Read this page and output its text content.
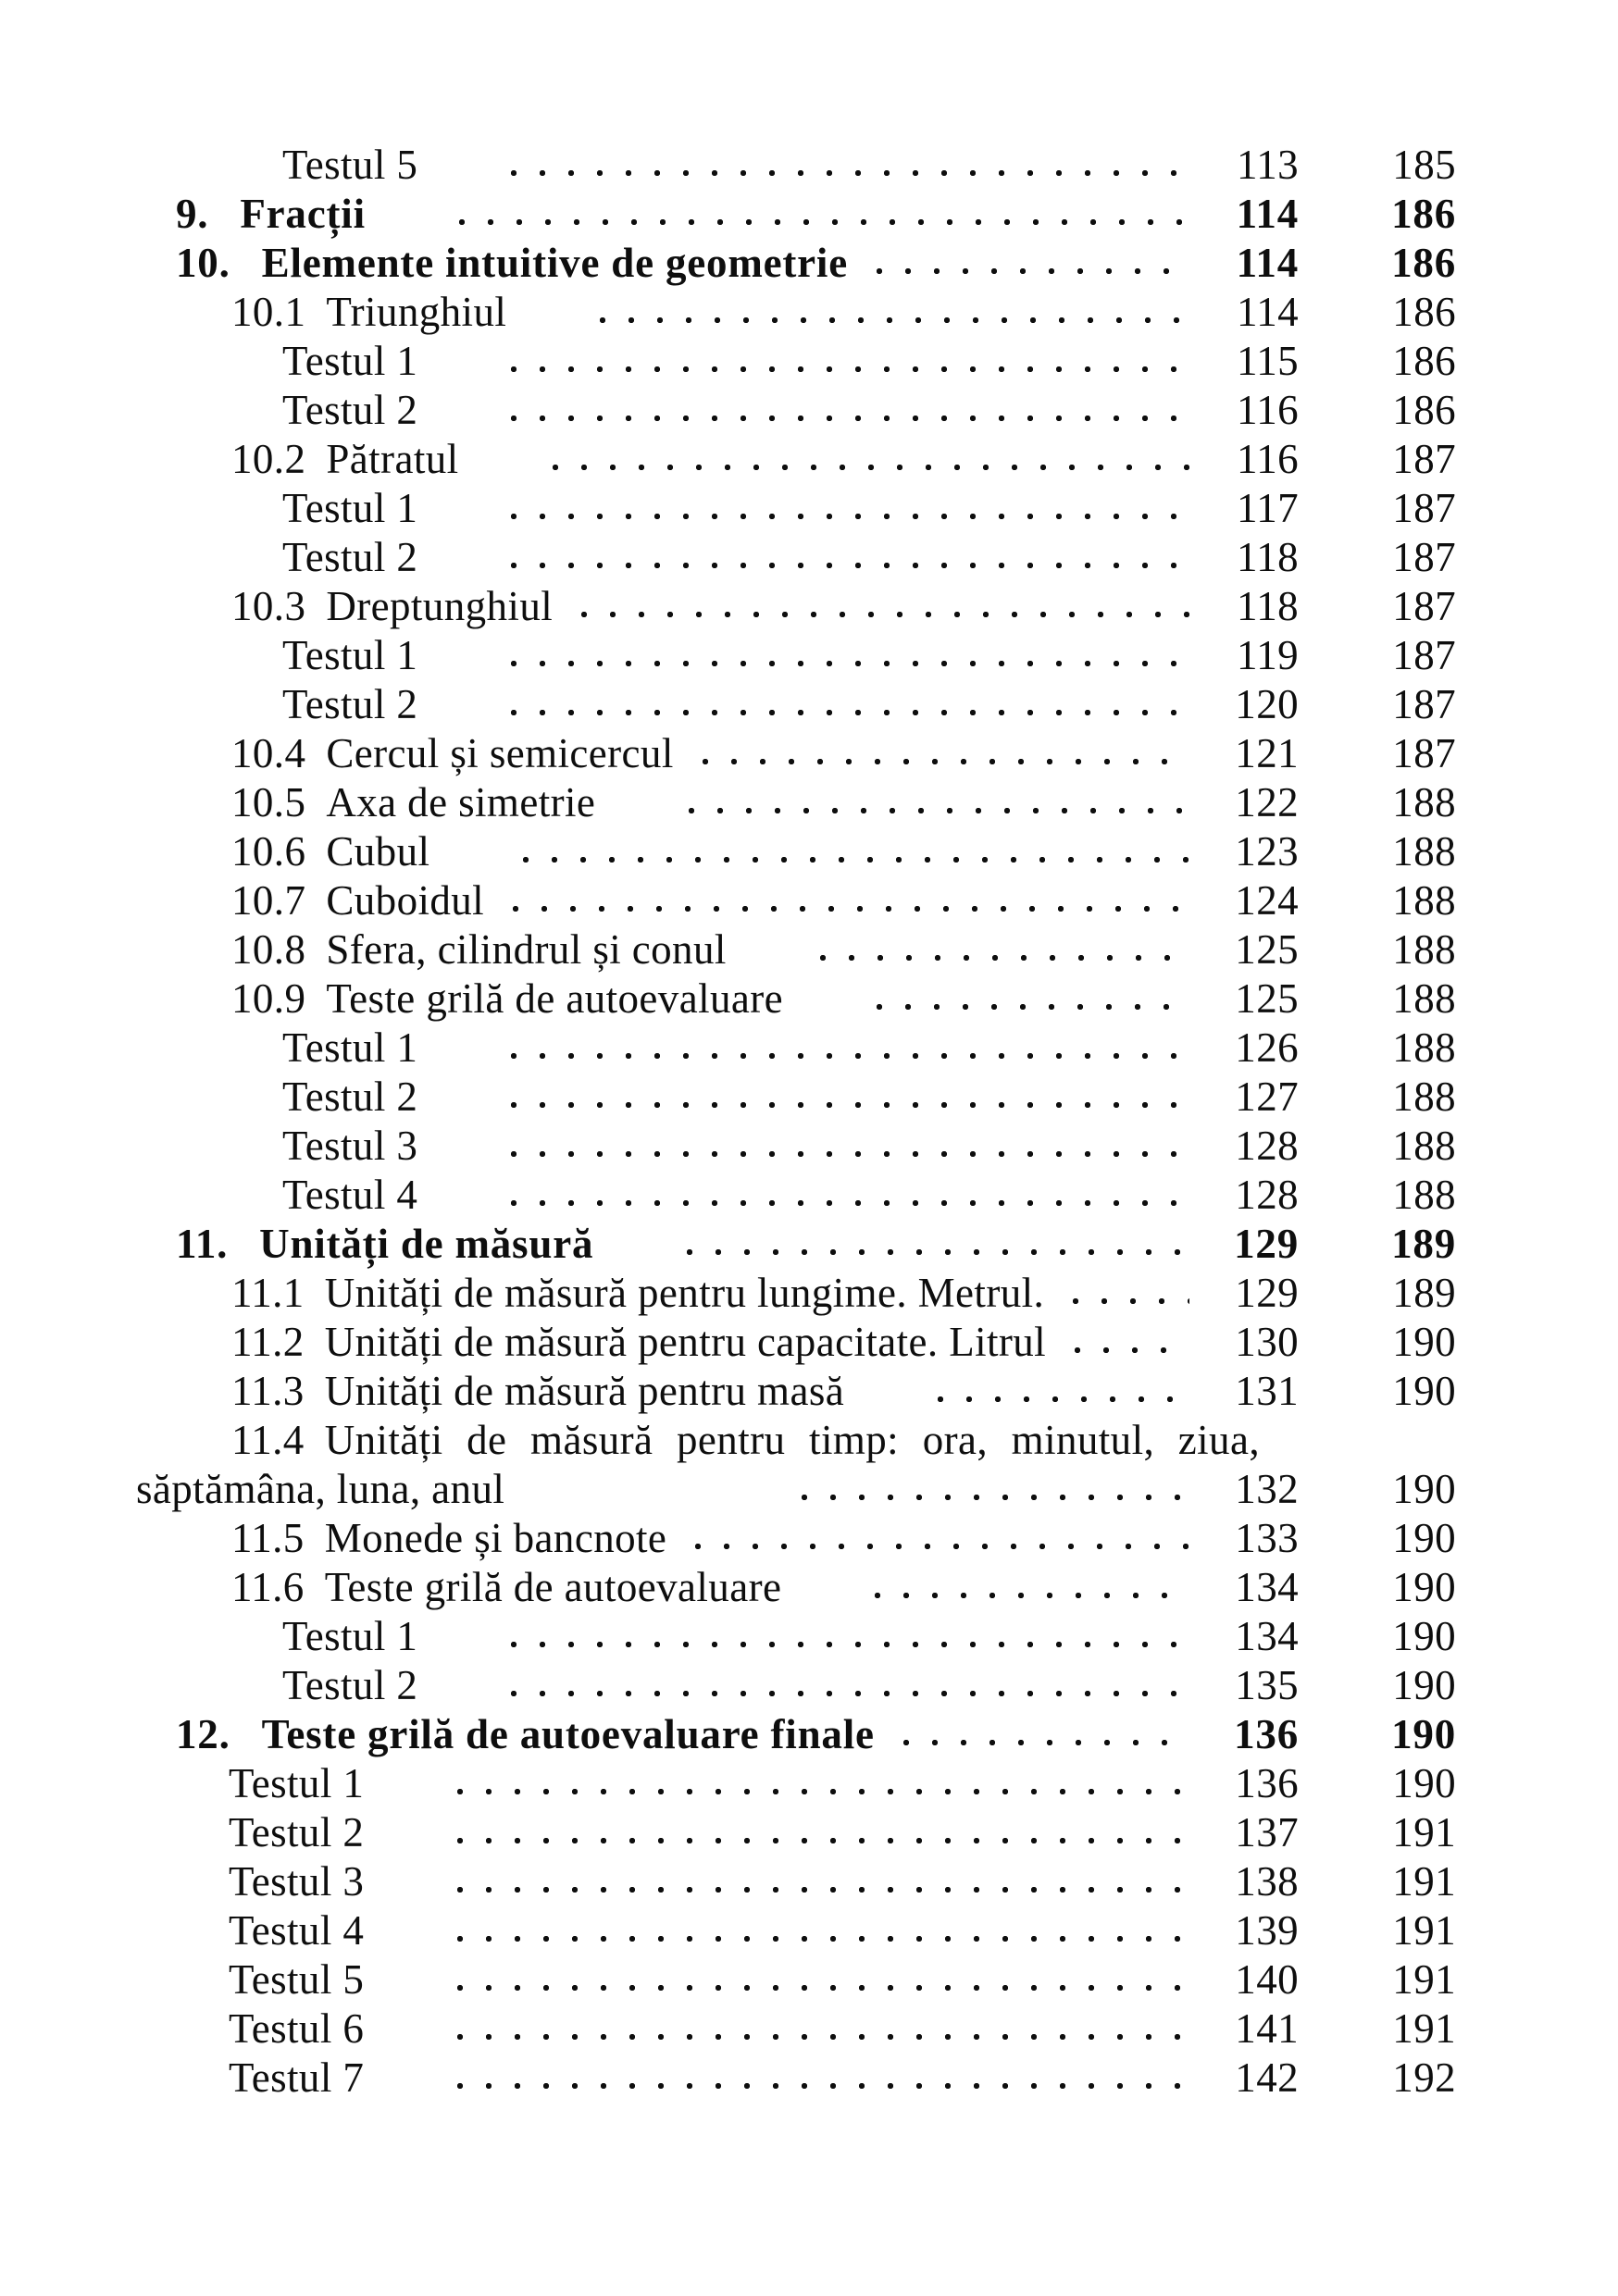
Testul 5	113	185
9. Fracții	114	186
10. Elemente intuitive de geometrie	114	186
10.1 Triunghiul	114	186
Testul 1	115	186
Testul 2	116	186
10.2 Pătratul	116	187
Testul 1	117	187
Testul 2	118	187
10.3 Dreptunghiul	118	187
Testul 1	119	187
Testul 2	120	187
10.4 Cercul și semicercul	121	187
10.5 Axa de simetrie	122	188
10.6 Cubul	123	188
10.7 Cuboidul	124	188
10.8 Sfera, cilindrul și conul	125	188
10.9 Teste grilă de autoevaluare	125	188
Testul 1	126	188
Testul 2	127	188
Testul 3	128	188
Testul 4	128	188
11. Unități de măsură	129	189
11.1 Unități de măsură pentru lungime. Metrul.	129	189
11.2 Unități de măsură pentru capacitate. Litrul	130	190
11.3 Unități de măsură pentru masă	131	190
11.4 Unități de măsură pentru timp: ora, minutul, ziua,
săptămâna, luna, anul	132	190
11.5 Monede și bancnote	133	190
11.6 Teste grilă de autoevaluare	134	190
Testul 1	134	190
Testul 2	135	190
12. Teste grilă de autoevaluare finale	136	190
Testul 1	136	190
Testul 2	137	191
Testul 3	138	191
Testul 4	139	191
Testul 5	140	191
Testul 6	141	191
Testul 7	142	192
